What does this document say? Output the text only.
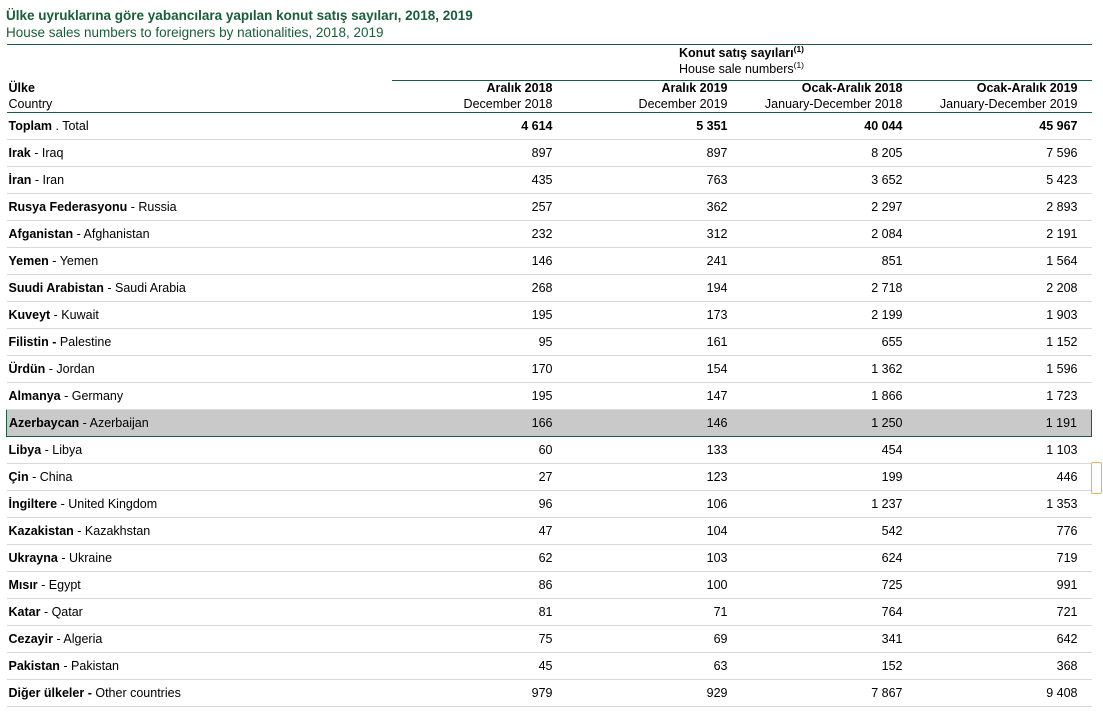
Ülke uyruklarına göre yabancılara yapılan konut satış sayıları, 2018, 2019
House sales numbers to foreigners by nationalities, 2018, 2019

	Konut satış sayıları$^{(1)}$
	House sale numbers$^{(1)}$

Ülke	Aralık 2018	Aralık 2019	Ocak-Aralık 2018	Ocak-Aralık 2019
Country	December 2018	December 2019	January-December 2018	January-December 2019

Toplam . Total	4 614	5 351	40 044	45 967
Irak - Iraq	897	897	8 205	7 596
İran - Iran	435	763	3 652	5 423
Rusya Federasyonu - Russia	257	362	2 297	2 893
Afganistan - Afghanistan	232	312	2 084	2 191
Yemen - Yemen	146	241	851	1 564
Suudi Arabistan - Saudi Arabia	268	194	2 718	2 208
Kuveyt - Kuwait	195	173	2 199	1 903
Filistin - Palestine	95	161	655	1 152
Ürdün - Jordan	170	154	1 362	1 596
Almanya - Germany	195	147	1 866	1 723
Azerbaycan - Azerbaijan	166	146	1 250	1 191
Libya - Libya	60	133	454	1 103
Çin - China	27	123	199	446
İngiltere - United Kingdom	96	106	1 237	1 353
Kazakistan - Kazakhstan	47	104	542	776
Ukrayna - Ukraine	62	103	624	719
Mısır - Egypt	86	100	725	991
Katar - Qatar	81	71	764	721
Cezayir - Algeria	75	69	341	642
Pakistan - Pakistan	45	63	152	368
Diğer ülkeler - Other countries	979	929	7 867	9 408
